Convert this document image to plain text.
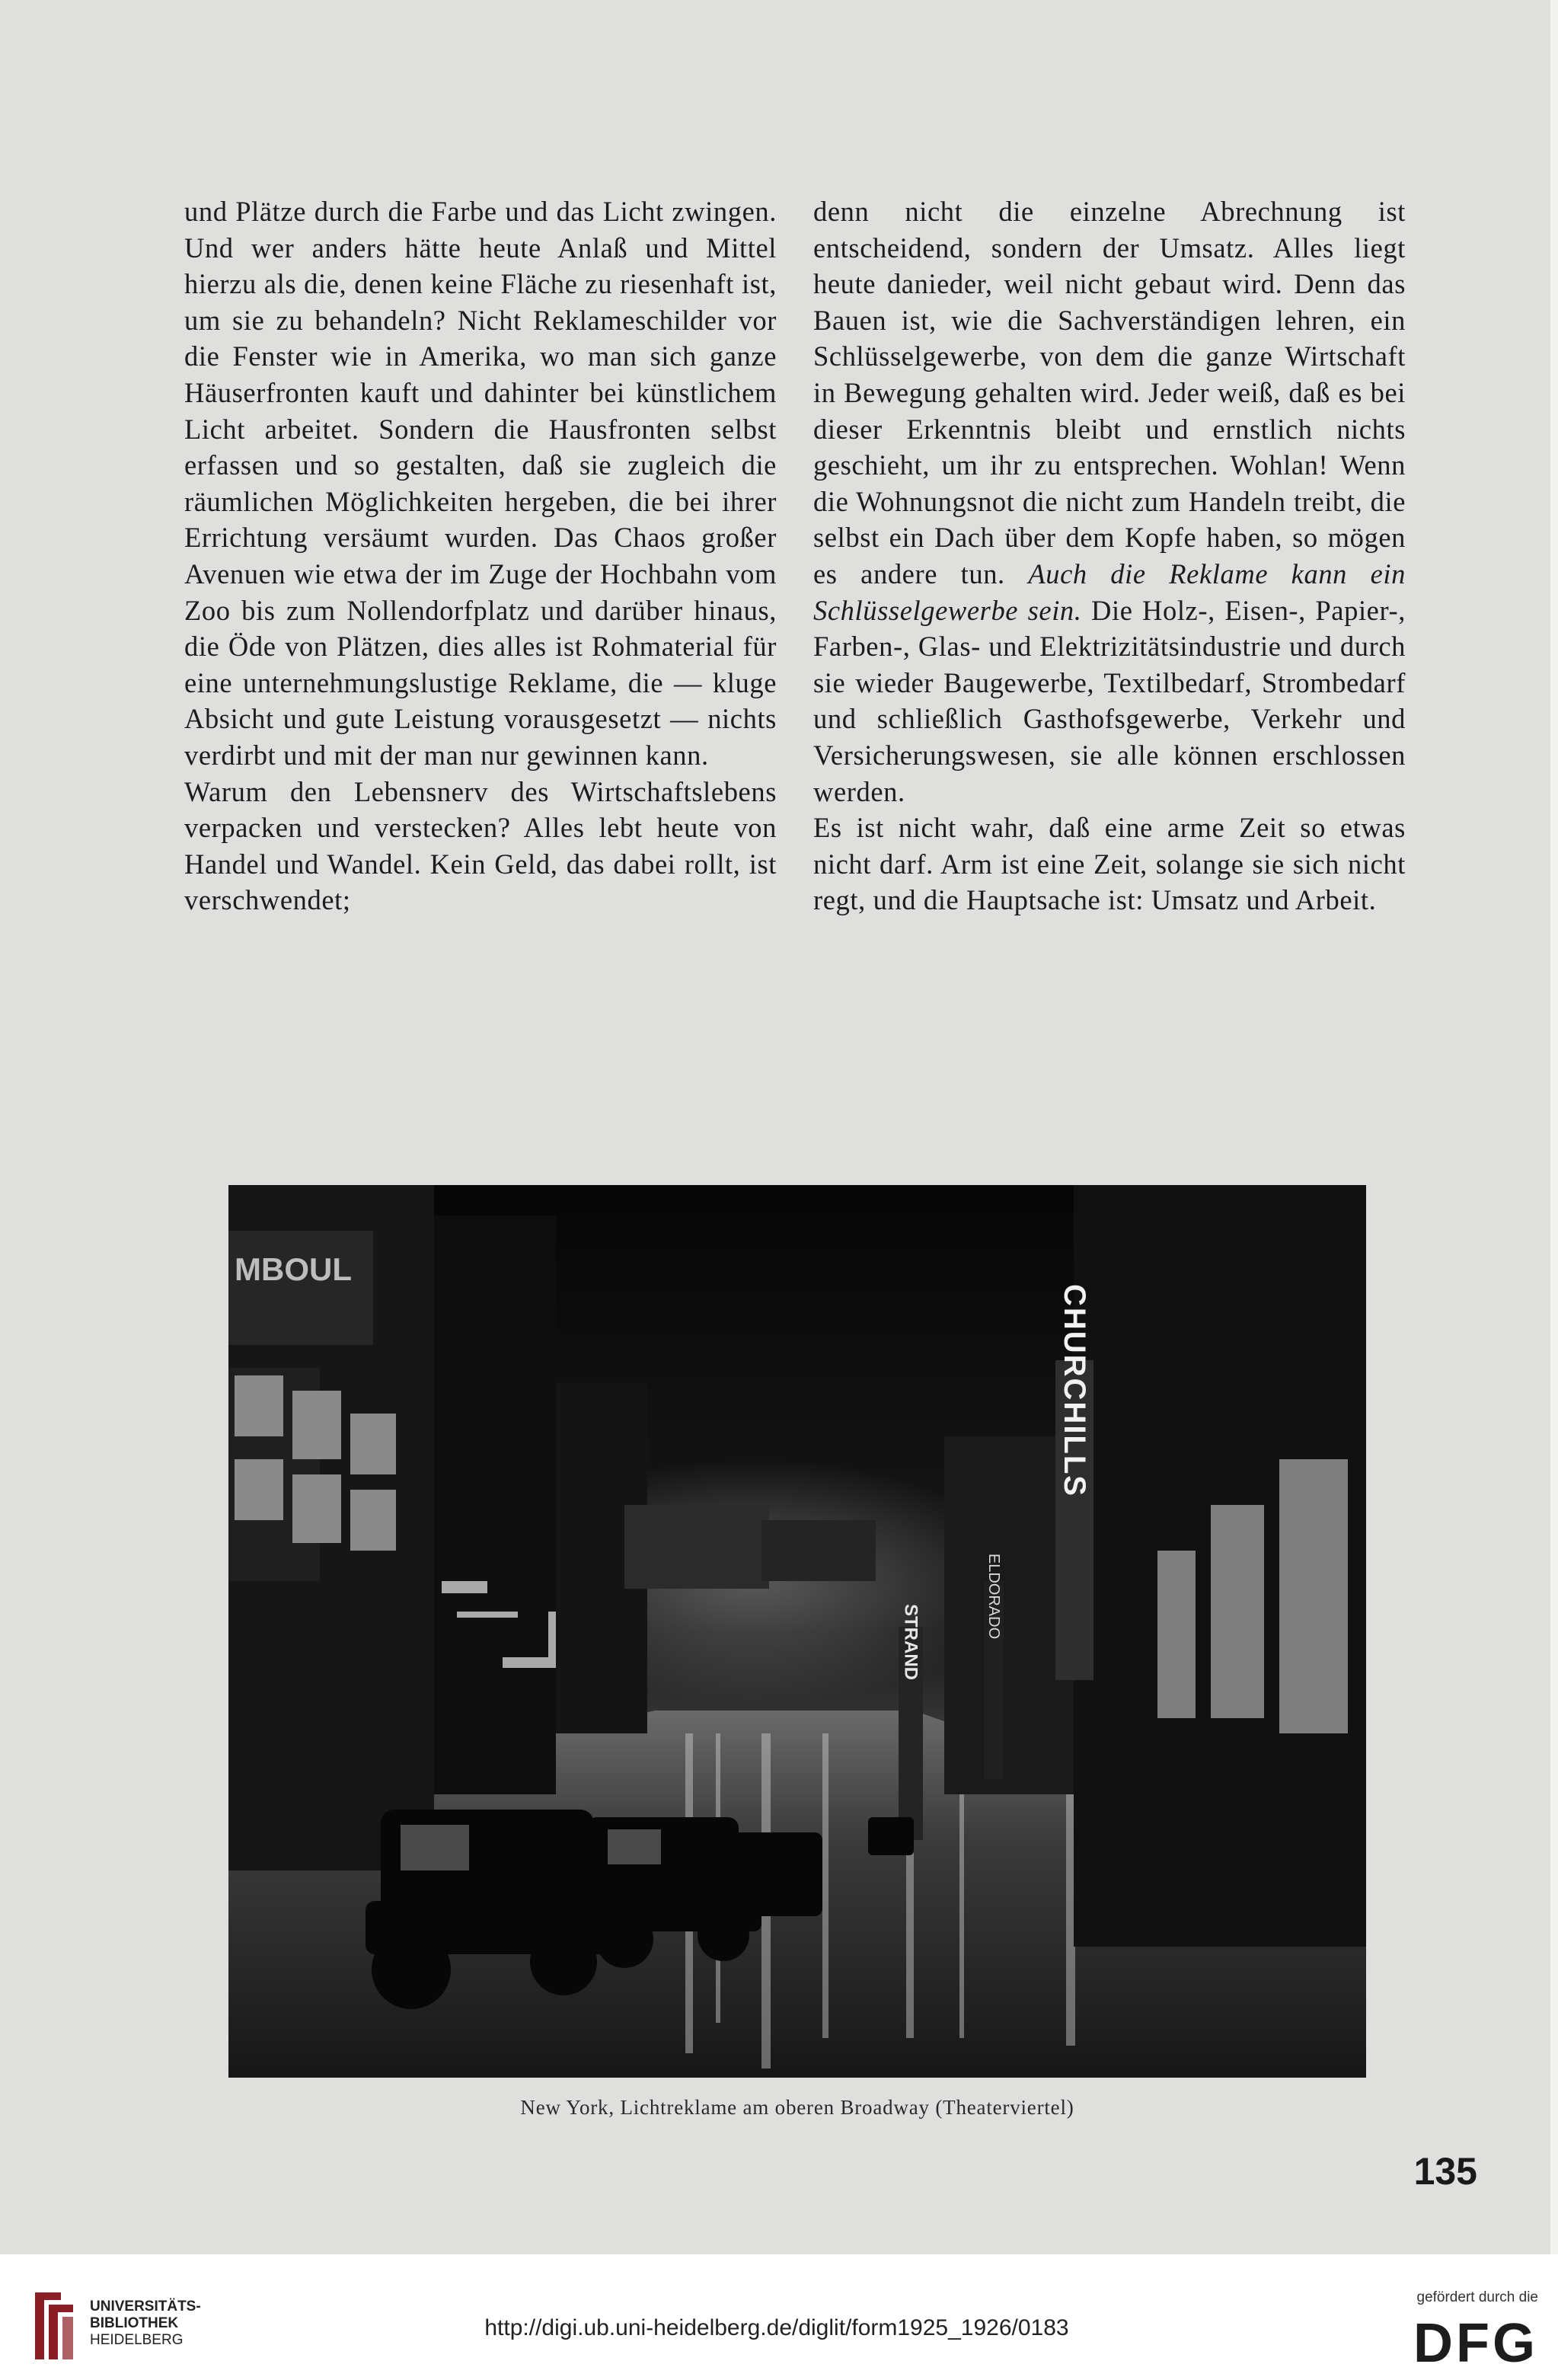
und Plätze durch die Farbe und das Licht zwingen. Und wer anders hätte heute Anlaß und Mittel hierzu als die, denen keine Fläche zu riesenhaft ist, um sie zu behandeln? Nicht Reklameschilder vor die Fenster wie in Amerika, wo man sich ganze Häuserfronten kauft und dahinter bei künstlichem Licht arbeitet. Sondern die Hausfronten selbst erfassen und so gestalten, daß sie zugleich die räumlichen Möglichkeiten hergeben, die bei ihrer Errichtung versäumt wurden. Das Chaos großer Avenuen wie etwa der im Zuge der Hochbahn vom Zoo bis zum Nollendorfplatz und darüber hinaus, die Öde von Plätzen, dies alles ist Rohmaterial für eine unternehmungslustige Reklame, die — kluge Absicht und gute Leistung vorausgesetzt — nichts verdirbt und mit der man nur gewinnen kann.

Warum den Lebensnerv des Wirtschaftslebens verpacken und verstecken? Alles lebt heute von Handel und Wandel. Kein Geld, das dabei rollt, ist verschwendet;

denn nicht die einzelne Abrechnung ist entscheidend, sondern der Umsatz. Alles liegt heute danieder, weil nicht gebaut wird. Denn das Bauen ist, wie die Sachverständigen lehren, ein Schlüsselgewerbe, von dem die ganze Wirtschaft in Bewegung gehalten wird. Jeder weiß, daß es bei dieser Erkenntnis bleibt und ernstlich nichts geschieht, um ihr zu entsprechen. Wohlan! Wenn die Wohnungsnot die nicht zum Handeln treibt, die selbst ein Dach über dem Kopfe haben, so mögen es andere tun. Auch die Reklame kann ein Schlüsselgewerbe sein. Die Holz-, Eisen-, Papier-, Farben-, Glas- und Elektrizitätsindustrie und durch sie wieder Baugewerbe, Textilbedarf, Strombedarf und schließlich Gasthofsgewerbe, Verkehr und Versicherungswesen, sie alle können erschlossen werden.

Es ist nicht wahr, daß eine arme Zeit so etwas nicht darf. Arm ist eine Zeit, solange sie sich nicht regt, und die Hauptsache ist: Umsatz und Arbeit.

MBOUL
CHURCHILLS
STRAND
ELDORADO
New York, Lichtreklame am oberen Broadway (Theaterviertel)
135
UNIVERSITÄTS-
BIBLIOTHEK
HEIDELBERG	http://digi.ub.uni-heidelberg.de/diglit/form1925_1926/0183
gefördert durch die
DFG
